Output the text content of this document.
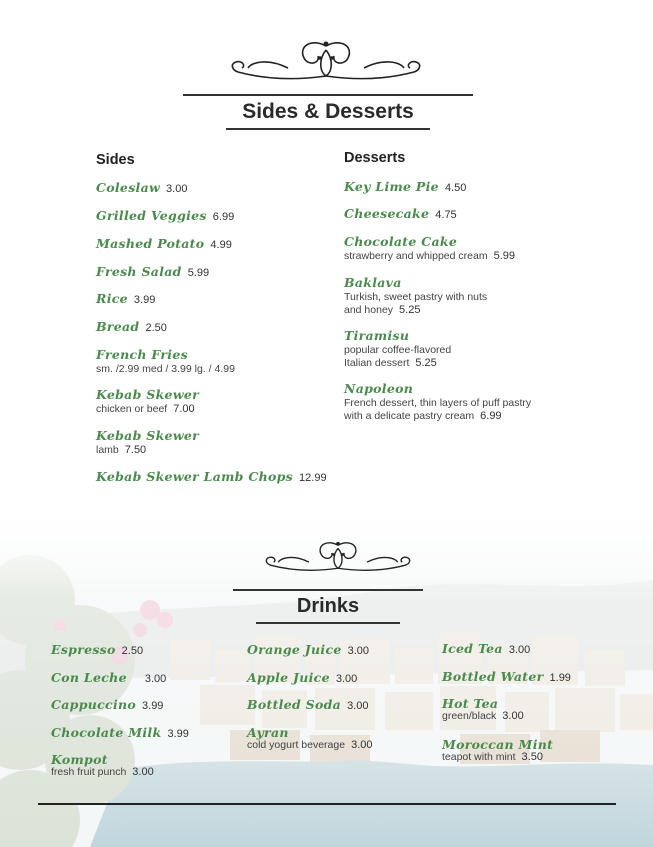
Sides & Desserts
Sides	Desserts
Coleslaw 3.00
Grilled Veggies 6.99
Mashed Potato 4.99
Fresh Salad 5.99
Rice 3.99
Bread 2.50
French Fries
sm. /2.99 med / 3.99 lg. / 4.99
Kebab Skewer
chicken or beef 7.00
Kebab Skewer
lamb 7.50
Kebab Skewer Lamb Chops 12.99
Key Lime Pie 4.50
Cheesecake 4.75
Chocolate Cake
strawberry and whipped cream 5.99
Baklava
Turkish, sweet pastry with nuts
and honey 5.25
Tiramisu
popular coffee-flavored
Italian dessert 5.25
Napoleon
French dessert, thin layers of puff pastry
with a delicate pastry cream 6.99
Drinks
Espresso 2.50
Con Leche 3.00
Cappuccino 3.99
Chocolate Milk 3.99
Kompot
fresh fruit punch 3.00
Orange Juice 3.00
Apple Juice 3.00
Bottled Soda 3.00
Ayran
cold yogurt beverage 3.00
Iced Tea 3.00
Bottled Water 1.99
Hot Tea
green/black 3.00
Moroccan Mint
teapot with mint 3.50
